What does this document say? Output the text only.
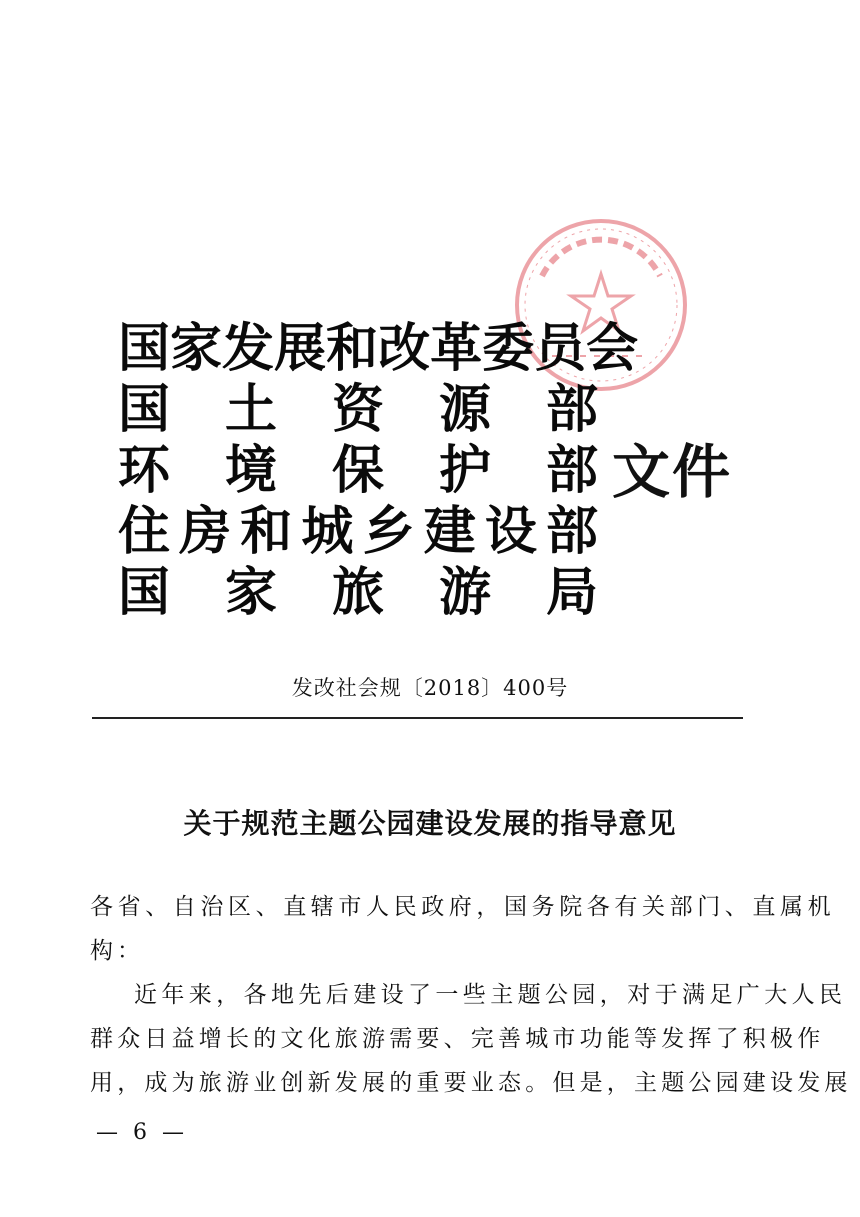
国 家 发 展 和 改 革 委 员 会
国 土 资 源 部
环 境 保 护 部
住 房 和 城 乡 建 设 部
国 家 旅 游 局
文件
发改社会规〔2018〕400号
关于规范主题公园建设发展的指导意见

各省、自治区、直辖市人民政府，国务院各有关部门、直属机

构：

近年来，各地先后建设了一些主题公园，对于满足广大人民

群众日益增长的文化旅游需要、完善城市功能等发挥了积极作

用，成为旅游业创新发展的重要业态。但是，主题公园建设发展

— 6 —
